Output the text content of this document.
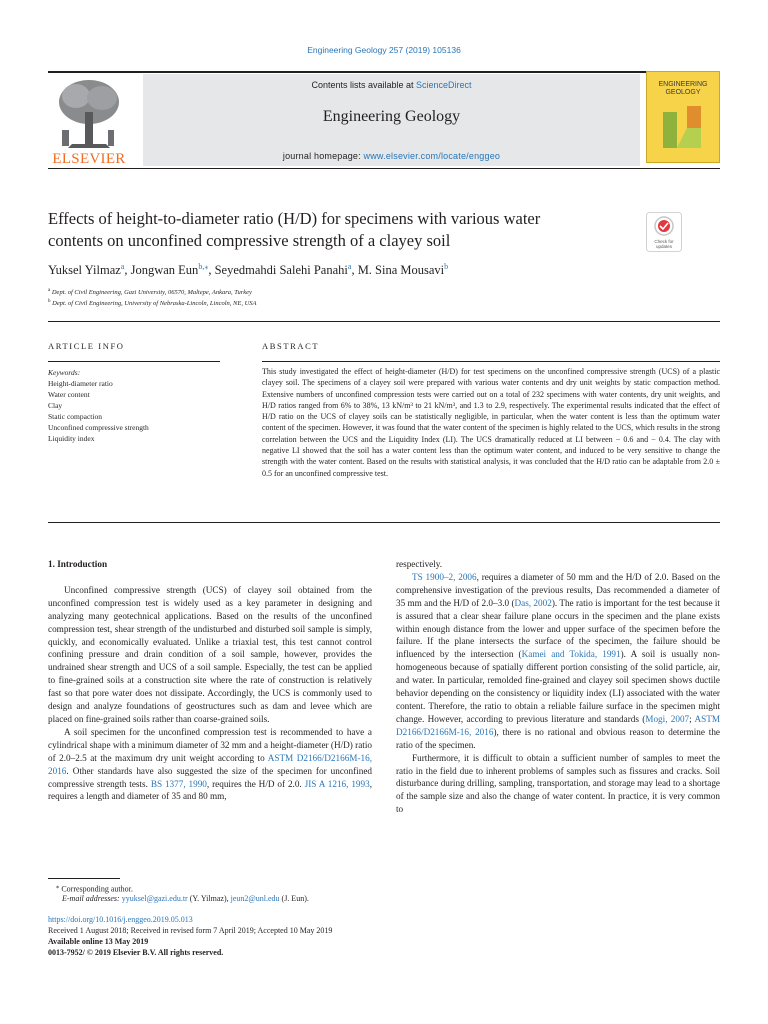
Engineering Geology 257 (2019) 105136
ELSEVIER
Contents lists available at ScienceDirect
Engineering Geology
journal homepage: www.elsevier.com/locate/enggeo
ENGINEERING
GEOLOGY
Effects of height-to-diameter ratio (H/D) for specimens with various water
contents on unconfined compressive strength of a clayey soil	Check for
updates
Yuksel Yilmaz$^a$, Jongwan Eun$^{b,⁎}$, Seyedmahdi Salehi Panahi$^a$, M. Sina Mousavi$^b$
$^a$ Dept. of Civil Engineering, Gazi University, 06570, Maltepe, Ankara, Turkey
$^b$ Dept. of Civil Engineering, University of Nebraska-Lincoln, Lincoln, NE, USA
ARTICLE INFO	ABSTRACT
Keywords:
Height-diameter ratio
Water content
Clay
Static compaction
Unconfined compressive strength
Liquidity index
This study investigated the effect of height-diameter (H/D) for test specimens on the unconfined compressive strength (UCS) of a plastic clayey soil. The specimens of a clayey soil were prepared with various water contents and dry unit weights by static compaction method. Extensive numbers of unconfined compression tests were carried out on a total of 232 specimens with water contents, dry unit weights, and H/D ratios ranged from 6% to 38%, 13 kN/m³ to 21 kN/m³, and 1.3 to 2.9, respectively. The experimental results indicated that the effect of H/D ratio on the UCS of clayey soils can be statistically negligible, in particular, when the water content is less than the optimum water content of the specimen. However, it was found that the water content of the specimen is highly related to the UCS, which results in the strong correlation between the UCS and the Liquidity Index (LI). The UCS dramatically reduced at LI between − 0.6 and − 0.4. The clay with negative LI showed that the soil has a water content less than the optimum water content, and induced to be very sensitive to change the strength with the water content. Based on the results with statistical analysis, it was concluded that the H/D ratio can be adaptable from 2.0 ± 0.5 for an unconfined compressive test.

1. Introduction

Unconfined compressive strength (UCS) of clayey soil obtained from the unconfined compression test is widely used as a key parameter in designing and analyzing many geotechnical applications. Based on the results of the unconfined compression test, shear strength of the undisturbed and disturbed soil sample is simply, quickly, and economically evaluated. Unlike a triaxial test, this test cannot control confining pressure and drain condition of a soil sample, however, provides the undrained shear strength and UCS of a soil sample. Especially, the test can be applied to fine-grained soils at a construction site where the rate of construction is relatively fast so that pore water does not dissipate. Accordingly, the UCS is commonly used to design and analyze foundations of geostructures such as dam and levee which are placed on fine-grained soils rather than coarse-grained soils.

A soil specimen for the unconfined compression test is recommended to have a cylindrical shape with a minimum diameter of 32 mm and a height-diameter (H/D) ratio of 2.0–2.5 at the maximum dry unit weight according to ASTM D2166/D2166M-16, 2016. Other standards have also suggested the size of the specimen for unconfined compressive strength tests. BS 1377, 1990, requires the H/D of 2.0. JIS A 1216, 1993, requires a length and diameter of 35 and 80 mm,

respectively.

TS 1900–2, 2006, requires a diameter of 50 mm and the H/D of 2.0. Based on the comprehensive investigation of the previous results, Das recommended a diameter of 35 mm and the H/D of 2.0–3.0 (Das, 2002). The ratio is important for the test because it is assured that a clear shear failure plane occurs in the specimen and the plane exists within enough distance from the lower and upper surface of the specimen before the failure. If the plane intersects the surface of the specimen, the failure should be influenced by the intersection (Kamei and Tokida, 1991). A soil is usually non-homogeneous because of spatially different portion consisting of the solid particle, air, and water. In particular, remolded fine-grained and clayey soil specimen shows ductile behavior depending on the consistency or liquidity index (LI) associated with the water content. Therefore, the ratio to obtain a reliable failure surface in the specimen might change. However, according to previous literature and standards (Mogi, 2007; ASTM D2166/D2166M-16, 2016), there is no rational and obvious reason to determine the ratio of the specimen.

Furthermore, it is difficult to obtain a sufficient number of samples to meet the ratio in the field due to inherent problems of samples such as fissures and cracks. Soil disturbance during drilling, sampling, transportation, and storage may lead to a shortage of the sample size and also the change of water content. In practice, it is very common to

⁎ Corresponding author.
E-mail addresses: yyuksel@gazi.edu.tr (Y. Yilmaz), jeun2@unl.edu (J. Eun).
https://doi.org/10.1016/j.enggeo.2019.05.013
Received 1 August 2018; Received in revised form 7 April 2019; Accepted 10 May 2019
Available online 13 May 2019
0013-7952/ © 2019 Elsevier B.V. All rights reserved.
